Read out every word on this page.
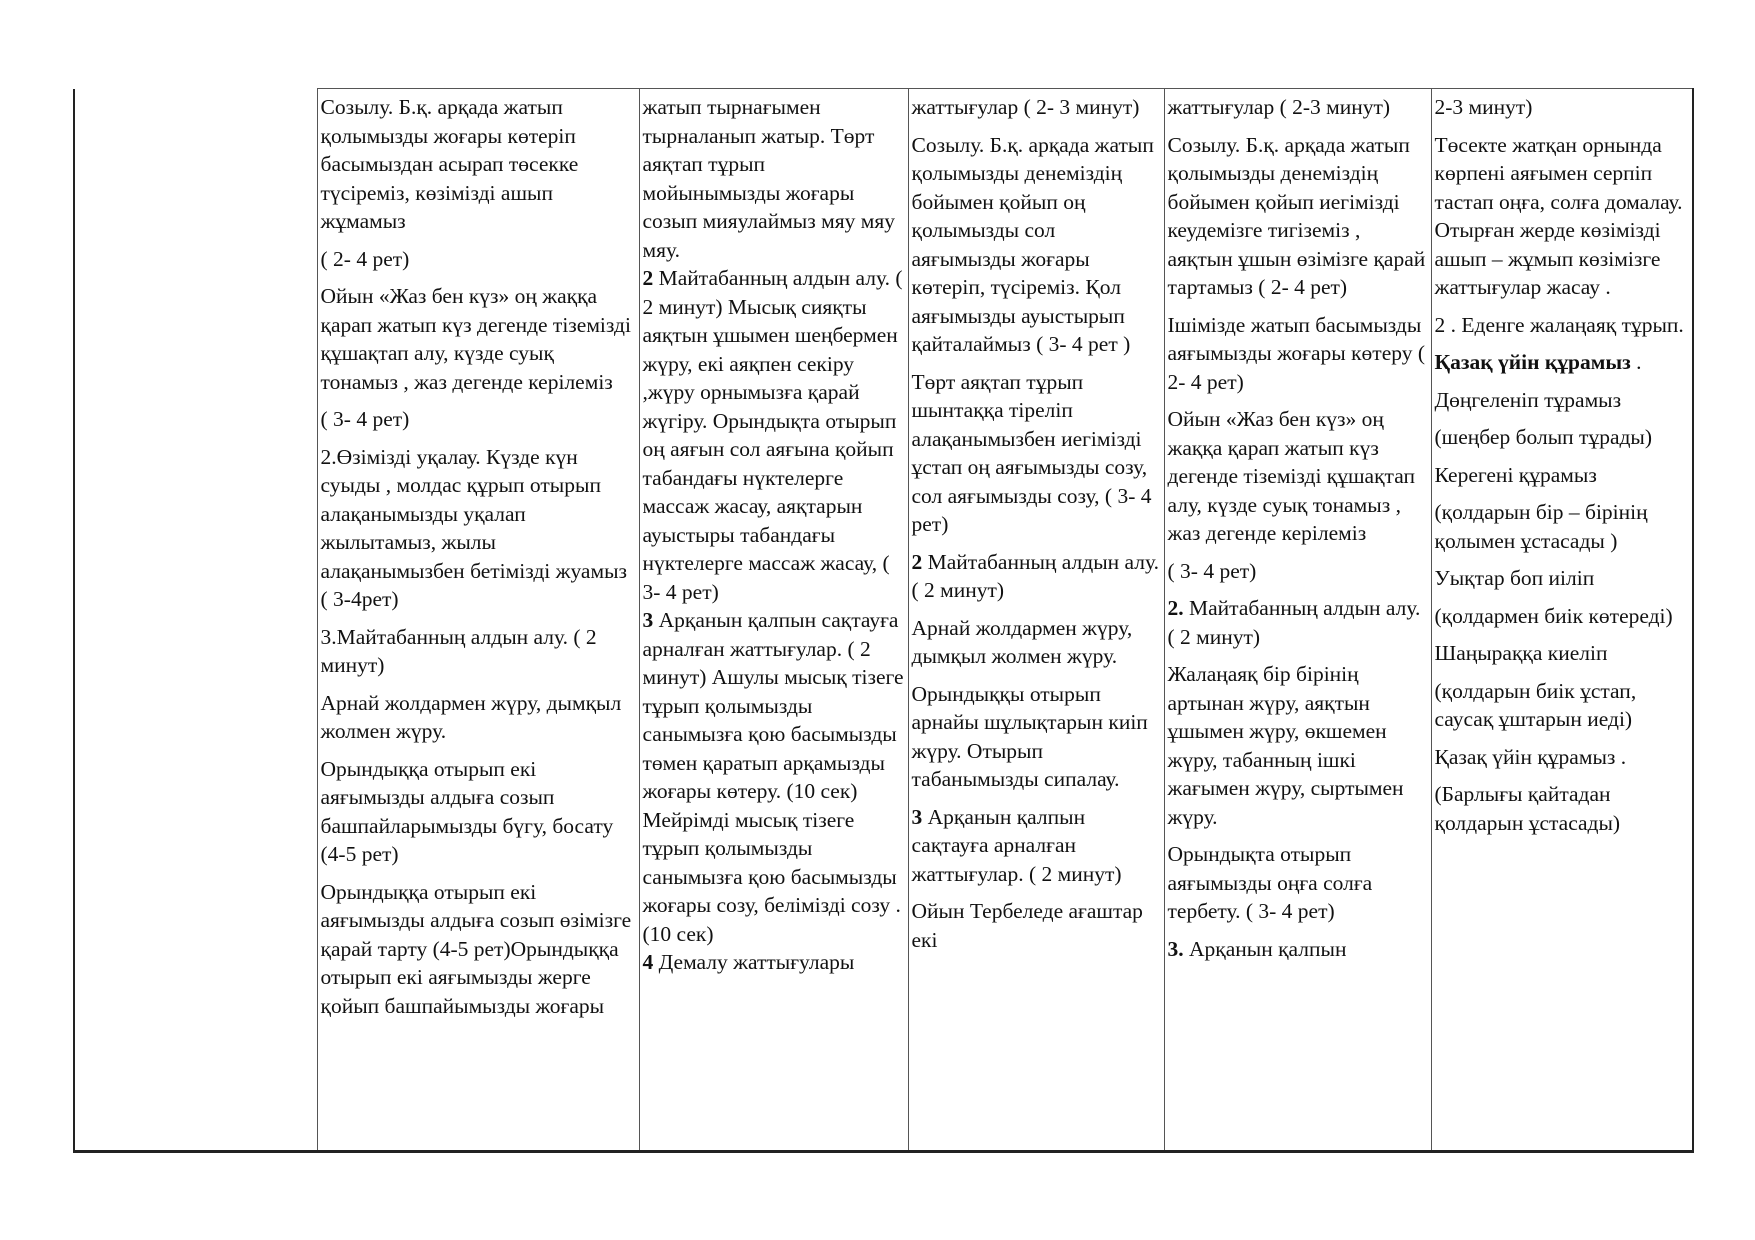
Созылу. Б.қ. арқада жатып қолымызды жоғары көтеріп басымыздан асырап төсекке түсіреміз, көзімізді ашып жұмамыз
( 2- 4 рет)
Ойын «Жаз бен күз» оң жаққа қарап жатып күз дегенде тіземізді құшақтап алу, күзде суық тонамыз , жаз дегенде керілеміз
( 3- 4 рет)
2.Өзімізді уқалау. Күзде күн суыды , молдас құрып отырып алақанымызды уқалап жылытамыз, жылы алақанымызбен бетімізді жуамыз ( 3-4рет)
3.Майтабанның алдын алу. ( 2 минут)
Арнай жолдармен жүру, дымқыл жолмен жүру.
Орындыққа отырып екі аяғымызды алдыға созып башпайларымызды бүгу, босату (4-5 рет)
Орындыққа отырып екі аяғымызды алдыға созып өзімізге қарай тарту (4-5 рет)Орындыққа отырып екі аяғымызды жерге қойып башпайымызды жоғары

жатып тырнағымен тырналанып жатыр. Төрт аяқтап тұрып мойынымызды жоғары созып мияулаймыз мяу мяу мяу.
2 Майтабанның алдын алу. ( 2 минут) Мысық сияқты аяқтын ұшымен шеңбермен жүру, екі аяқпен секіру ,жүру орнымызға қарай жүгіру. Орындықта отырып оң аяғын сол аяғына қойып табандағы нүктелерге массаж жасау, аяқтарын ауыстыры табандағы нүктелерге массаж жасау, ( 3- 4 рет)
3 Арқанын қалпын сақтауға арналған жаттығулар. ( 2 минут) Ашулы мысық тізеге тұрып қолымызды санымызға қою басымызды төмен қаратып арқамызды жоғары көтеру. (10 сек) Мейрімді мысық тізеге тұрып қолымызды санымызға қою басымызды жоғары созу, белімізді созу . (10 сек)
4 Демалу жаттығулары

жаттығулар ( 2- 3 минут)
Созылу. Б.қ. арқада жатып қолымызды денеміздің бойымен қойып оң қолымызды сол аяғымызды жоғары көтеріп, түсіреміз. Қол аяғымызды ауыстырып қайталаймыз ( 3- 4 рет )
Төрт аяқтап тұрып шынтаққа тіреліп алақанымызбен иегімізді ұстап оң аяғымызды созу, сол аяғымызды созу, ( 3- 4 рет)
2 Майтабанның алдын алу. ( 2 минут)
Арнай жолдармен жүру, дымқыл жолмен жүру.
Орындыққы отырып арнайы шұлықтарын киіп жүру. Отырып табанымызды сипалау.
3 Арқанын қалпын сақтауға арналған жаттығулар. ( 2 минут)
Ойын Тербеледе ағаштар екі

жаттығулар ( 2-3 минут)
Созылу. Б.қ. арқада жатып қолымызды денеміздің бойымен қойып иегімізді кеудемізге тигіземіз , аяқтын ұшын өзімізге қарай тартамыз ( 2- 4 рет)
Ішімізде жатып басымызды аяғымызды жоғары көтеру ( 2- 4 рет)
Ойын «Жаз бен күз» оң жаққа қарап жатып күз дегенде тіземізді құшақтап алу, күзде суық тонамыз , жаз дегенде керілеміз
( 3- 4 рет)
2. Майтабанның алдын алу. ( 2 минут)
Жалаңаяқ бір бірінің артынан жүру, аяқтын ұшымен жүру, өкшемен жүру, табанның ішкі жағымен жүру, сыртымен жүру.
Орындықта отырып аяғымызды оңға солға тербету. ( 3- 4 рет)
3. Арқанын қалпын

2-3 минут)
Төсекте жатқан орнында көрпені аяғымен серпіп тастап оңға, солға домалау. Отырған жерде көзімізді ашып – жұмып көзімізге жаттығулар жасау .
2 . Еденге жалаңаяқ тұрып.
Қазақ үйін құрамыз .
Дөңгеленіп тұрамыз
(шеңбер болып тұрады)
Керегені құрамыз
(қолдарын бір – бірінің қолымен ұстасады )
Уықтар боп иіліп
(қолдармен биік көтереді)
Шаңыраққа киеліп
(қолдарын биік ұстап, саусақ ұштарын иеді)
Қазақ үйін құрамыз .
(Барлығы қайтадан қолдарын ұстасады)
